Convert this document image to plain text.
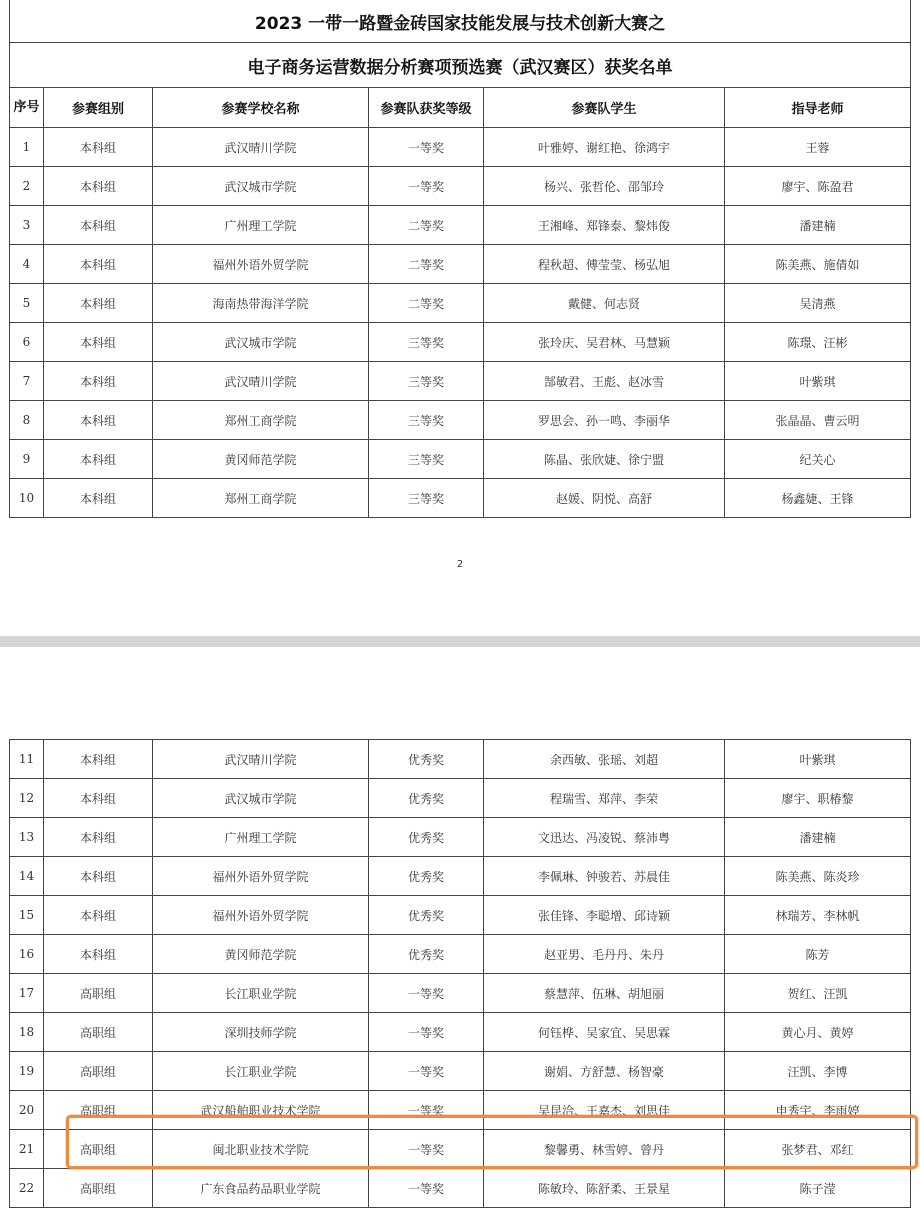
2023 一带一路暨金砖国家技能发展与技术创新大赛之					
电子商务运营数据分析赛项预选赛（武汉赛区）获奖名单					
序号	参赛组别	参赛学校名称	参赛队获奖等级	参赛队学生	指导老师
1	本科组	武汉晴川学院	一等奖	叶雅婷、谢红艳、徐鸿宇	王蓉
2	本科组	武汉城市学院	一等奖	杨兴、张哲伦、邵邹玲	廖宇、陈盈君
3	本科组	广州理工学院	二等奖	王湘峰、郑锋泰、黎炜俊	潘建楠
4	本科组	福州外语外贸学院	二等奖	程秋超、傅莹莹、杨弘旭	陈美燕、施倩如
5	本科组	海南热带海洋学院	二等奖	戴健、何志贤	吴清燕
6	本科组	武汉城市学院	三等奖	张玲庆、吴君林、马慧颖	陈璟、汪彬
7	本科组	武汉晴川学院	三等奖	郜敏君、王彪、赵冰雪	叶紫琪
8	本科组	郑州工商学院	三等奖	罗思会、孙一鸣、李丽华	张晶晶、曹云明
9	本科组	黄冈师范学院	三等奖	陈晶、张欣婕、徐宁盟	纪关心
10	本科组	郑州工商学院	三等奖	赵媛、阴悦、高舒	杨鑫婕、王锋
2
11	本科组	武汉晴川学院	优秀奖	余西敏、张瑶、刘超	叶紫琪
12	本科组	武汉城市学院	优秀奖	程瑞雪、郑萍、李荣	廖宇、职椿黎
13	本科组	广州理工学院	优秀奖	文迅达、冯凌锐、蔡沛粤	潘建楠
14	本科组	福州外语外贸学院	优秀奖	李佩琳、钟骏若、苏晨佳	陈美燕、陈炎珍
15	本科组	福州外语外贸学院	优秀奖	张佳锋、李聪增、邱诗颖	林瑞芳、李林帆
16	本科组	黄冈师范学院	优秀奖	赵亚男、毛丹丹、朱丹	陈芳
17	高职组	长江职业学院	一等奖	蔡慧萍、伍琳、胡旭丽	贺红、汪凯
18	高职组	深圳技师学院	一等奖	何钰桦、吴家宜、吴思霖	黄心月、黄婷
19	高职组	长江职业学院	一等奖	谢娟、方舒慧、杨智豪	汪凯、李博
20	高职组	武汉船舶职业技术学院	一等奖	吴昆洽、王嘉杰、刘思佳	申秀宇、李雨婷
21	高职组	闽北职业技术学院	一等奖	黎馨勇、林雪婷、曾丹	张梦君、邓红
22	高职组	广东食品药品职业学院	一等奖	陈敏玲、陈舒柔、王景星	陈子滢
